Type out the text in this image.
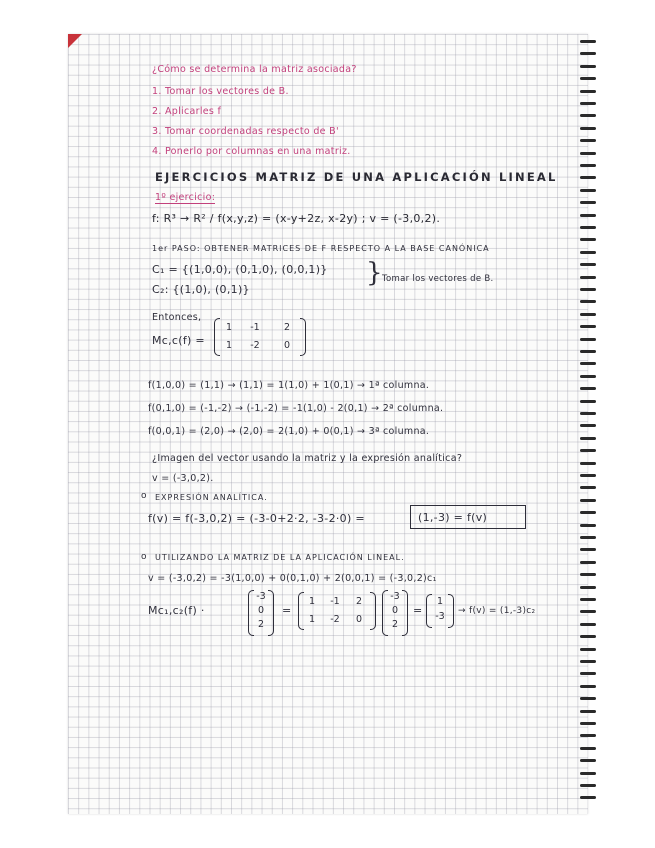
¿Cómo se determina la matriz asociada?
1. Tomar los vectores de B.
2. Aplicarles f
3. Tomar coordenadas respecto de B'
4. Ponerlo por columnas en una matriz.
EJERCICIOS MATRIZ DE UNA APLICACIÓN LINEAL
1º ejercicio:
f: R³ → R² / f(x,y,z) = (x-y+2z, x-2y) ; v = (-3,0,2).
1er PASO: OBTENER MATRICES DE F RESPECTO A LA BASE CANÓNICA
C₁ = {(1,0,0), (0,1,0), (0,0,1)}
C₂: {(1,0), (0,1)}
} Tomar los vectores de B.
Entonces,
Mc,c(f) =
1	-1	2
1	-2	0
f(1,0,0) = (1,1) → (1,1) = 1(1,0) + 1(0,1) → 1ª columna.
f(0,1,0) = (-1,-2) → (-1,-2) = -1(1,0) - 2(0,1) → 2ª columna.
f(0,0,1) = (2,0) → (2,0) = 2(1,0) + 0(0,1) → 3ª columna.
¿Imagen del vector usando la matriz y la expresión analítica?
v = (-3,0,2).
o EXPRESIÓN ANALÍTICA.
f(v) = f(-3,0,2) = (-3-0+2·2, -3-2·0) =	(1,-3) = f(v)
o UTILIZANDO LA MATRIZ DE LA APLICACIÓN LINEAL.
v = (-3,0,2) = -3(1,0,0) + 0(0,1,0) + 2(0,0,1) = (-3,0,2)c₁
Mc₁,c₂(f) ·
-3
0
2
=
1	-1	2
1	-2	0
-3
0
2
=
1
-3 → f(v) = (1,-3)c₂
